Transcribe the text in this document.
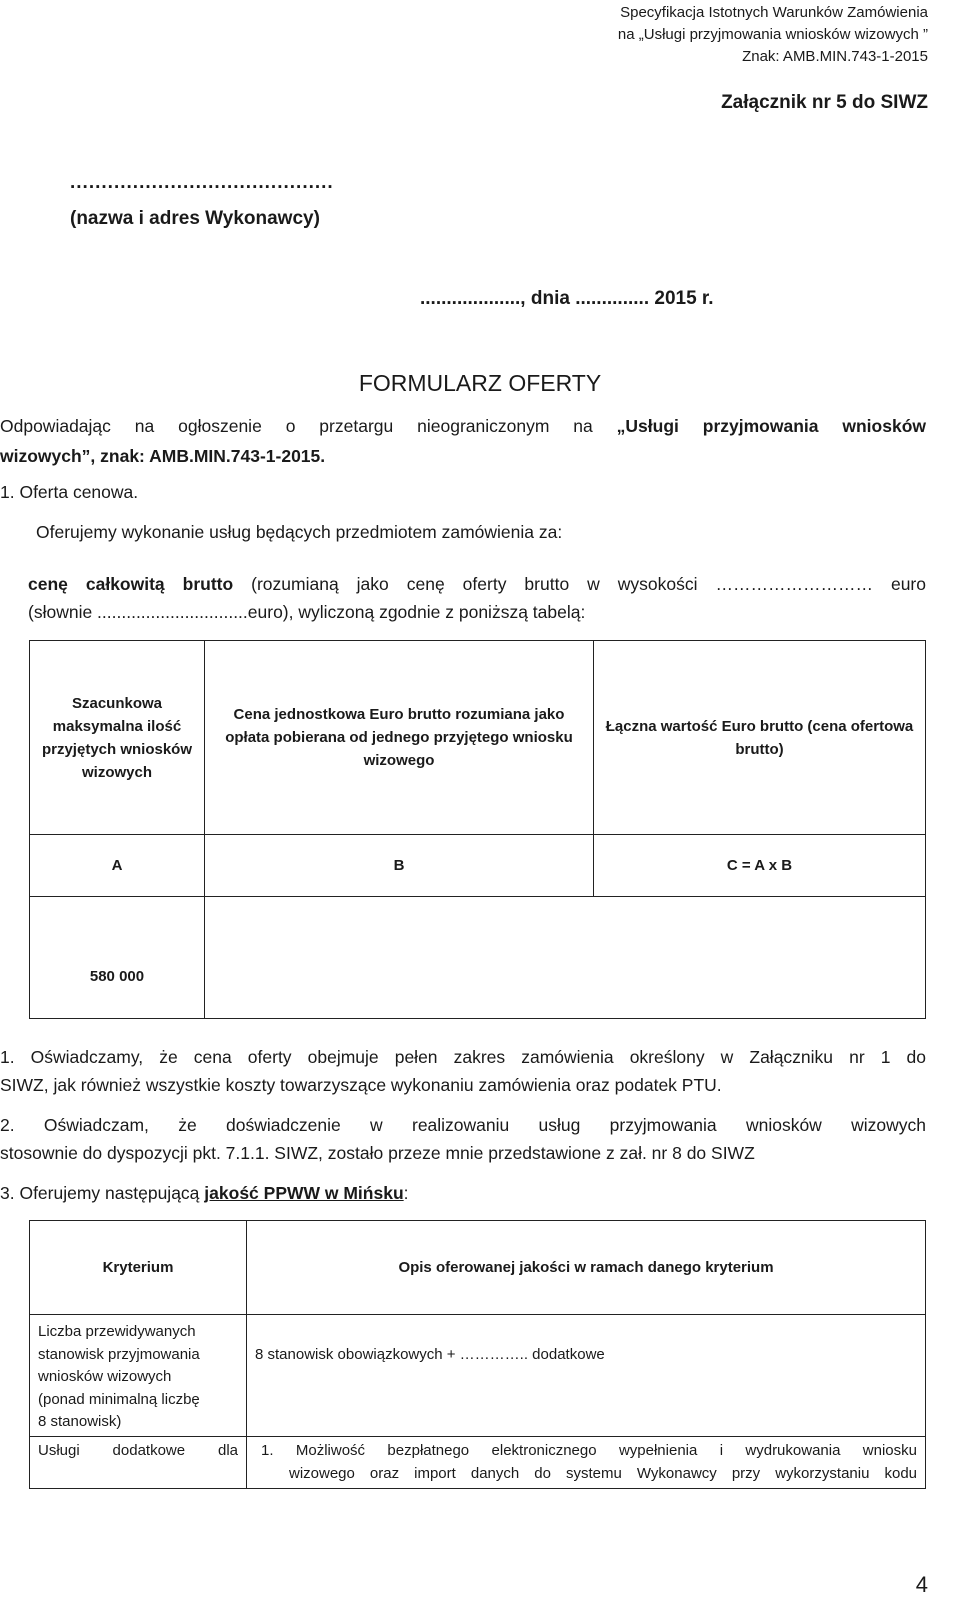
Specyfikacja Istotnych Warunków Zamówienia
na „Usługi przyjmowania wniosków wizowych ”
Znak: AMB.MIN.743-1-2015
Załącznik nr 5 do SIWZ
..........................................
(nazwa i adres Wykonawcy)
..................., dnia .............. 2015 r.
FORMULARZ OFERTY
Odpowiadając na ogłoszenie o przetargu nieograniczonym na „Usługi przyjmowania wniosków
wizowych”, znak: AMB.MIN.743-1-2015.
1. Oferta cenowa.
Oferujemy wykonanie usług będących przedmiotem zamówienia za:
cenę całkowitą brutto (rozumianą jako cenę oferty brutto w wysokości ……………………… euro
(słownie ...............................euro), wyliczoną zgodnie z poniższą tabelą:
Szacunkowa maksymalna ilość przyjętych wniosków wizowych	Cena jednostkowa Euro brutto rozumiana jako opłata pobierana od jednego przyjętego wniosku wizowego	Łączna wartość Euro brutto (cena ofertowa brutto)
A	B	C = A x B
580 000		
1. Oświadczamy, że cena oferty obejmuje pełen zakres zamówienia określony w Załączniku nr 1 do
SIWZ, jak również wszystkie koszty towarzyszące wykonaniu zamówienia oraz podatek PTU.
2. Oświadczam, że doświadczenie w realizowaniu usług przyjmowania wniosków wizowych
stosownie do dyspozycji pkt. 7.1.1. SIWZ, zostało przeze mnie przedstawione z zał. nr 8 do SIWZ
3. Oferujemy następującą jakość PPWW w Mińsku:
Kryterium	Opis oferowanej jakości w ramach danego kryterium

Liczba przewidywanych
stanowisk przyjmowania
wniosków wizowych
(ponad minimalną liczbę
8 stanowisk)	8 stanowisk obowiązkowych + ………….. dodatkowe
Usługi dodatkowe dla	1. Możliwość bezpłatnego elektronicznego wypełnienia i wydrukowania wniosku
wizowego oraz import danych do systemu Wykonawcy przy wykorzystaniu kodu
4
